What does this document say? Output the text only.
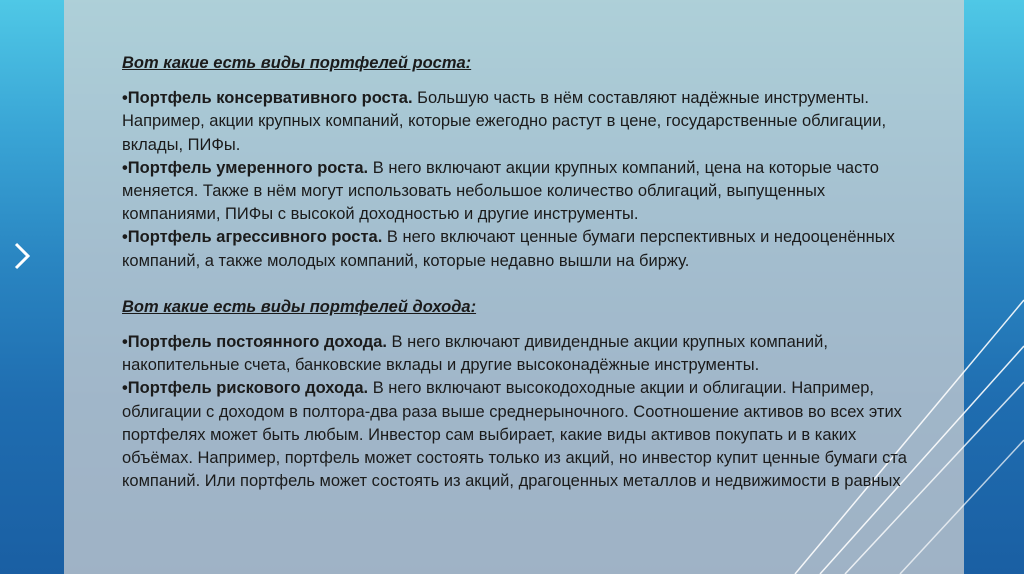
Вот какие есть виды портфелей роста:

•Портфель консервативного роста. Большую часть в нём составляют надёжные инструменты. Например, акции крупных компаний, которые ежегодно растут в цене, государственные облигации, вклады, ПИФы.

•Портфель умеренного роста. В него включают акции крупных компаний, цена на которые часто меняется. Также в нём могут использовать небольшое количество облигаций, выпущенных компаниями, ПИФы с высокой доходностью и другие инструменты.

•Портфель агрессивного роста. В него включают ценные бумаги перспективных и недооценённых компаний, а также молодых компаний, которые недавно вышли на биржу.

Вот какие есть виды портфелей дохода:

•Портфель постоянного дохода. В него включают дивидендные акции крупных компаний, накопительные счета, банковские вклады и другие высоконадёжные инструменты.

•Портфель рискового дохода. В него включают высокодоходные акции и облигации. Например, облигации с доходом в полтора-два раза выше среднерыночного. Соотношение активов во всех этих портфелях может быть любым. Инвестор сам выбирает, какие виды активов покупать и в каких объёмах. Например, портфель может состоять только из акций, но инвестор купит ценные бумаги ста компаний. Или портфель может состоять из акций, драгоценных металлов и недвижимости в равных
